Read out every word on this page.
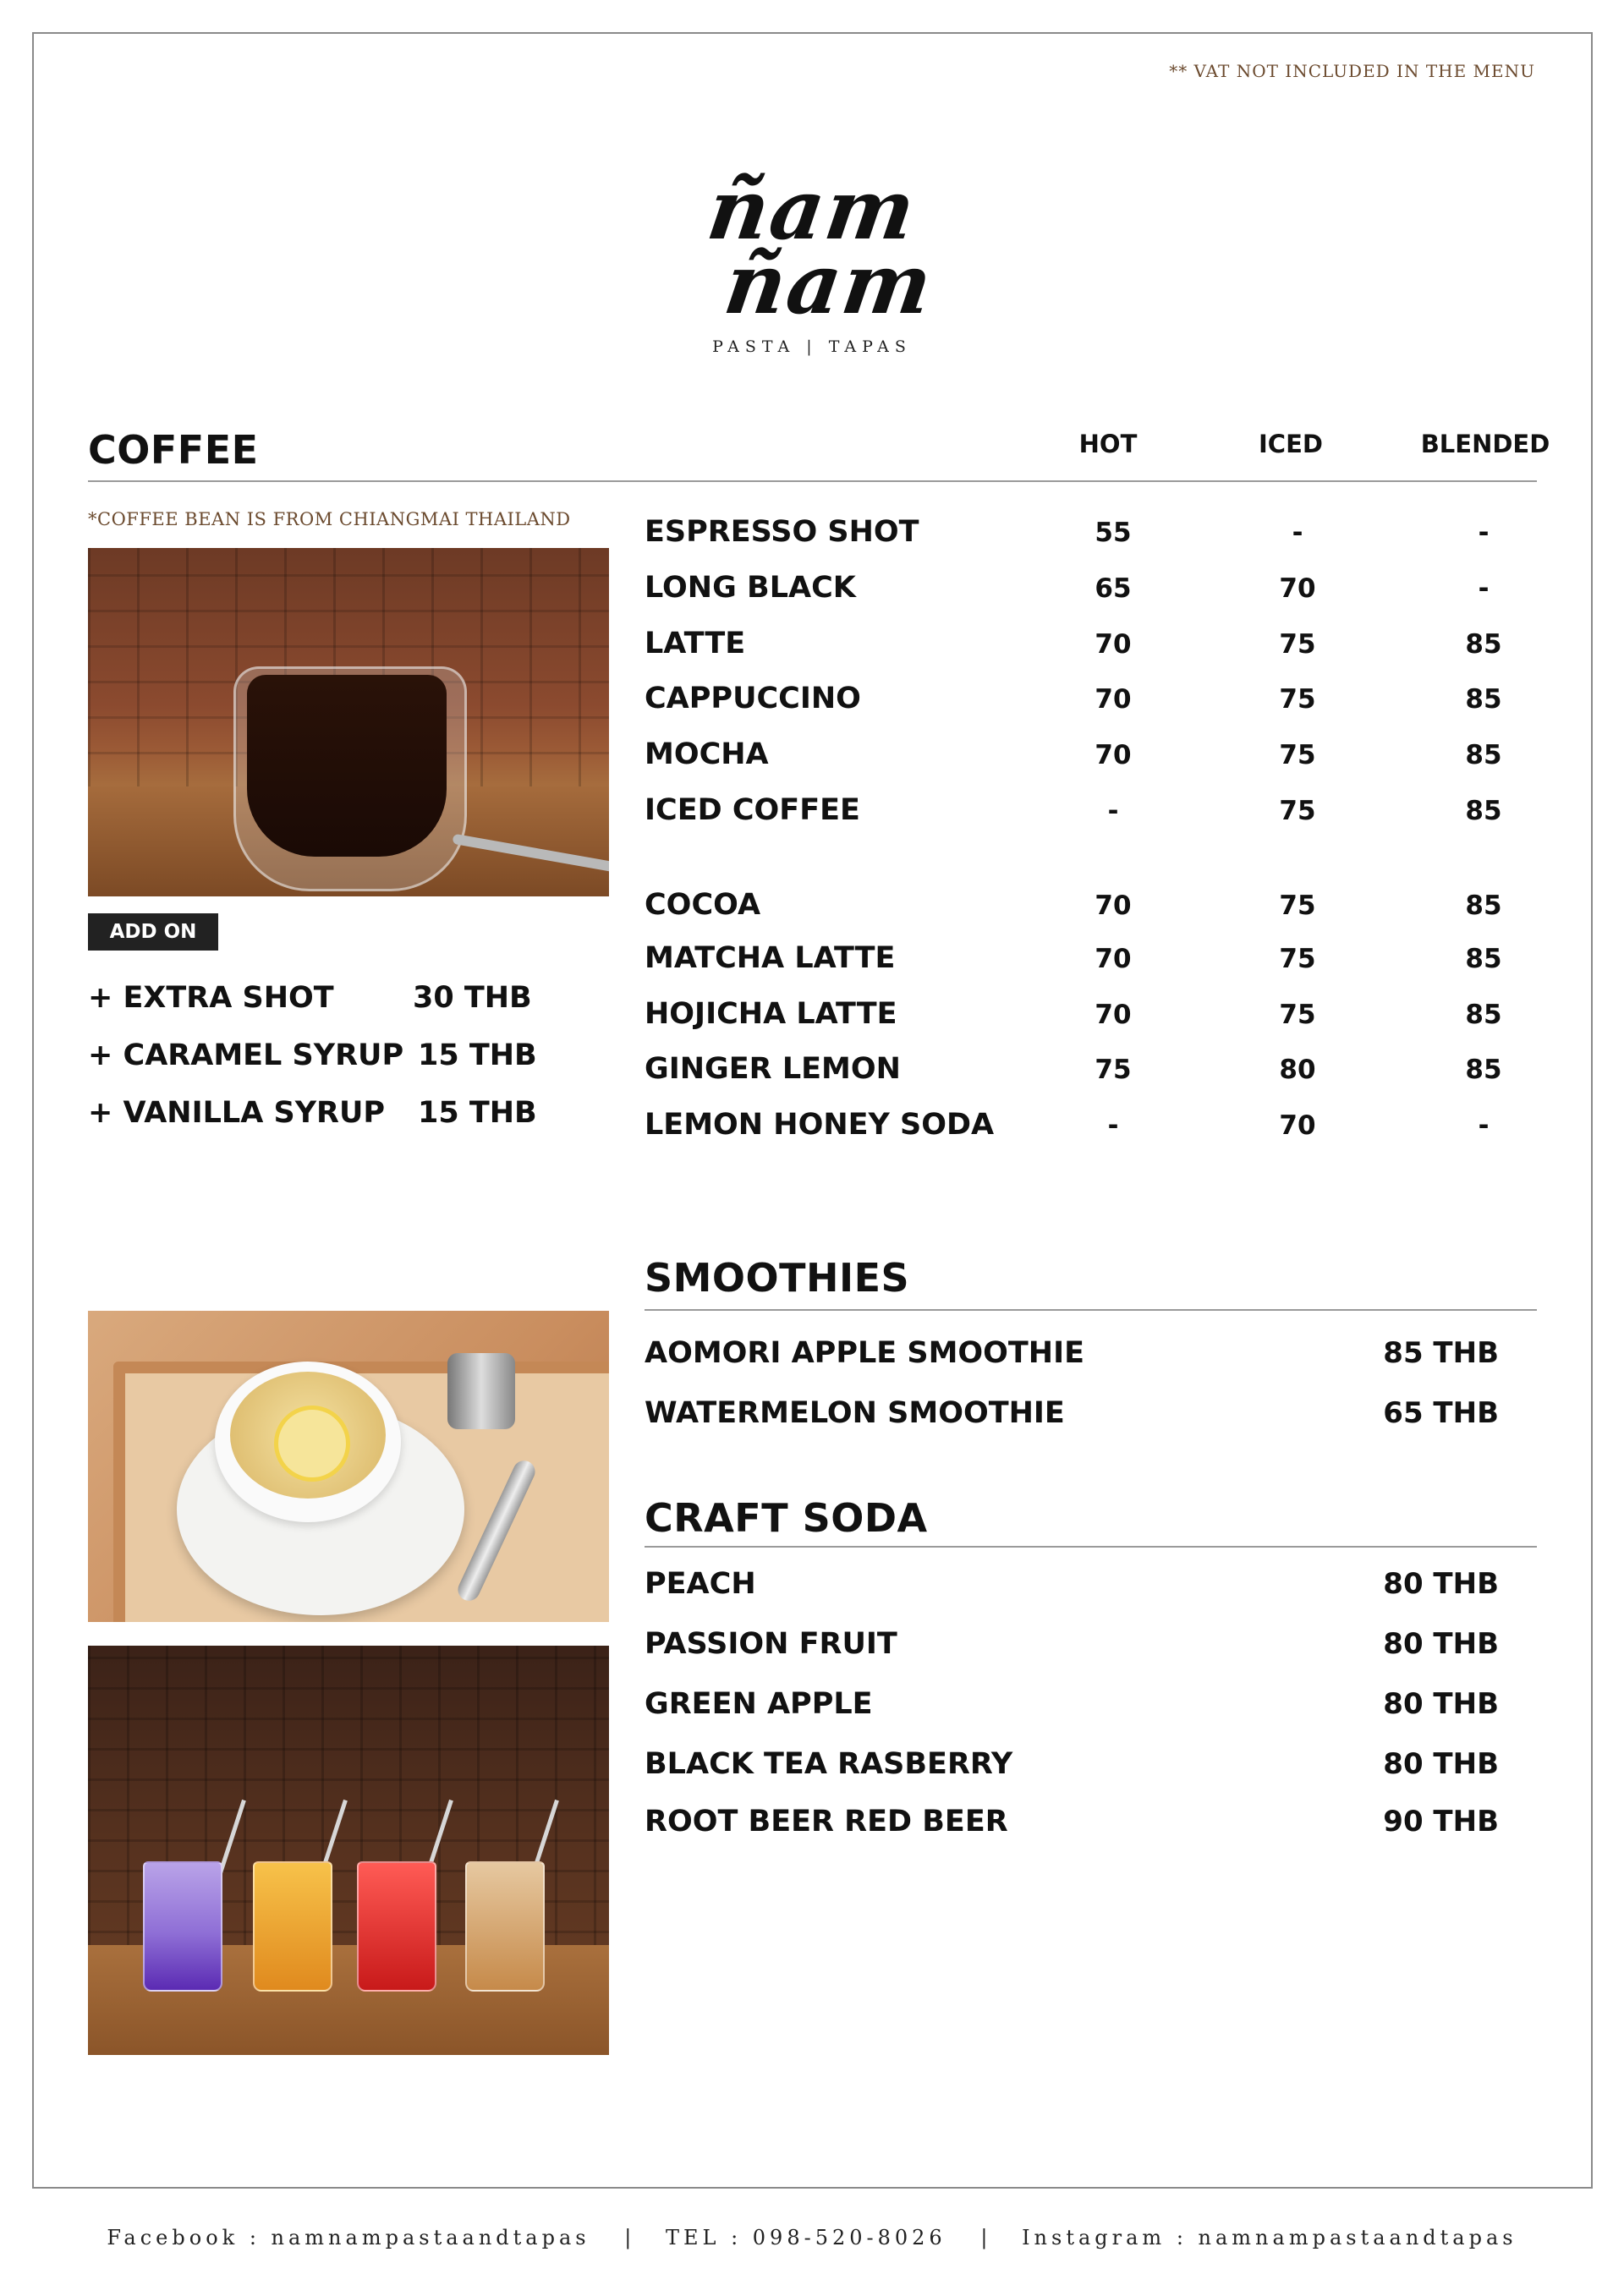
** VAT NOT INCLUDED IN THE MENU
ñam
ñam
PASTA | TAPAS
COFFEE	HOT	ICED	BLENDED
*COFFEE BEAN IS FROM CHIANGMAI THAILAND ESPRESSO SHOT	55	-	-
LONG BLACK	65	70	-
LATTE	70	75	85
CAPPUCCINO	70	75	85
MOCHA	70	75	85
ICED COFFEE	-	75	85
COCOA	70	75	85
MATCHA LATTE	70	75	85
HOJICHA LATTE	70	75	85
GINGER LEMON	75	80	85
LEMON HONEY SODA	-	70	-
ADD ON
+ EXTRA SHOT	30 THB
+ CARAMEL SYRUP 15 THB
+ VANILLA SYRUP 15 THB
SMOOTHIES
AOMORI APPLE SMOOTHIE	85 THB
WATERMELON SMOOTHIE	65 THB
CRAFT SODA
PEACH	80 THB
PASSION FRUIT	80 THB
GREEN APPLE	80 THB
BLACK TEA RASBERRY	80 THB
ROOT BEER RED BEER	90 THB
Facebook : namnampastaandtapas | TEL : 098-520-8026 | Instagram : namnampastaandtapas
